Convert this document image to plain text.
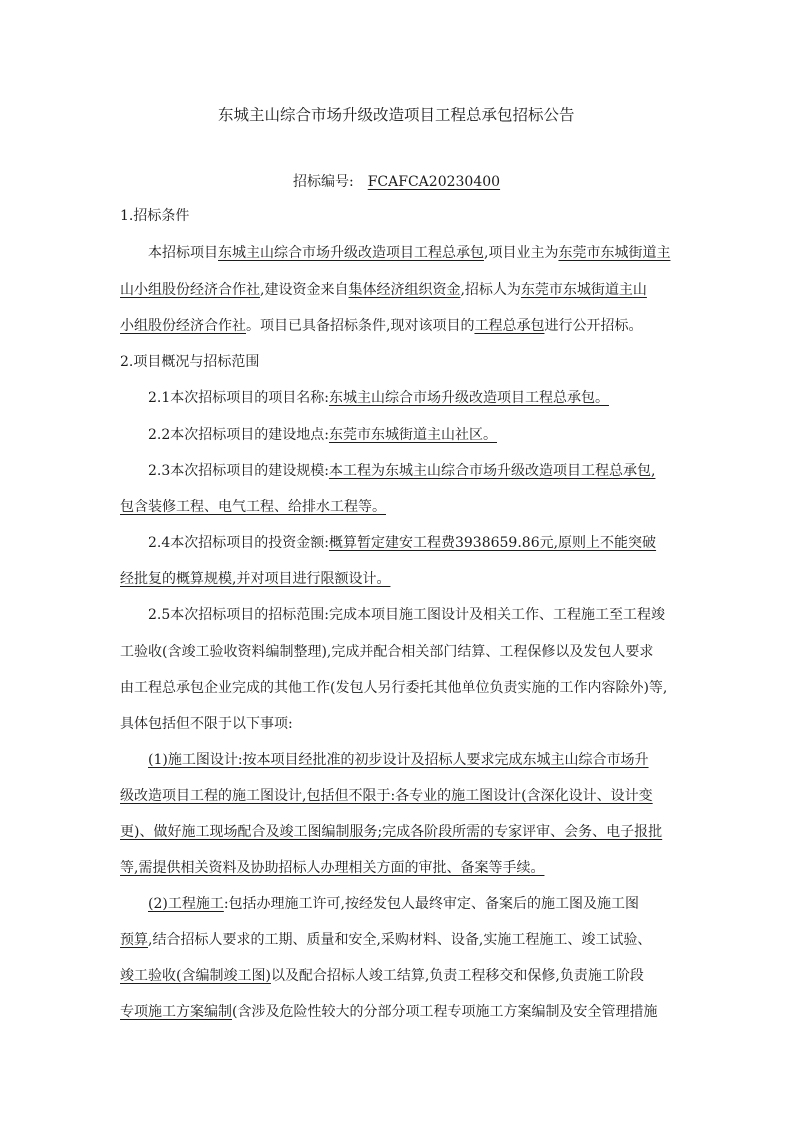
东城主山综合市场升级改造项目工程总承包招标公告
招标编号: FCAFCA20230400
1.招标条件
本招标项目东城主山综合市场升级改造项目工程总承包,项目业主为东莞市东城街道主
山小组股份经济合作社,建设资金来自集体经济组织资金,招标人为东莞市东城街道主山
小组股份经济合作社。项目已具备招标条件,现对该项目的工程总承包进行公开招标。
2.项目概况与招标范围
2.1本次招标项目的项目名称:东城主山综合市场升级改造项目工程总承包。
2.2本次招标项目的建设地点:东莞市东城街道主山社区。
2.3本次招标项目的建设规模:本工程为东城主山综合市场升级改造项目工程总承包,
包含装修工程、电气工程、给排水工程等。
2.4本次招标项目的投资金额:概算暂定建安工程费3938659.86元,原则上不能突破
经批复的概算规模,并对项目进行限额设计。
2.5本次招标项目的招标范围:完成本项目施工图设计及相关工作、工程施工至工程竣
工验收(含竣工验收资料编制整理),完成并配合相关部门结算、工程保修以及发包人要求
由工程总承包企业完成的其他工作(发包人另行委托其他单位负责实施的工作内容除外)等,
具体包括但不限于以下事项:
(1)施工图设计:按本项目经批准的初步设计及招标人要求完成东城主山综合市场升
级改造项目工程的施工图设计,包括但不限于:各专业的施工图设计(含深化设计、设计变
更)、做好施工现场配合及竣工图编制服务;完成各阶段所需的专家评审、会务、电子报批
等,需提供相关资料及协助招标人办理相关方面的审批、备案等手续。
(2)工程施工:包括办理施工许可,按经发包人最终审定、备案后的施工图及施工图
预算,结合招标人要求的工期、质量和安全,采购材料、设备,实施工程施工、竣工试验、
竣工验收(含编制竣工图)以及配合招标人竣工结算,负责工程移交和保修,负责施工阶段
专项施工方案编制(含涉及危险性较大的分部分项工程专项施工方案编制及安全管理措施
